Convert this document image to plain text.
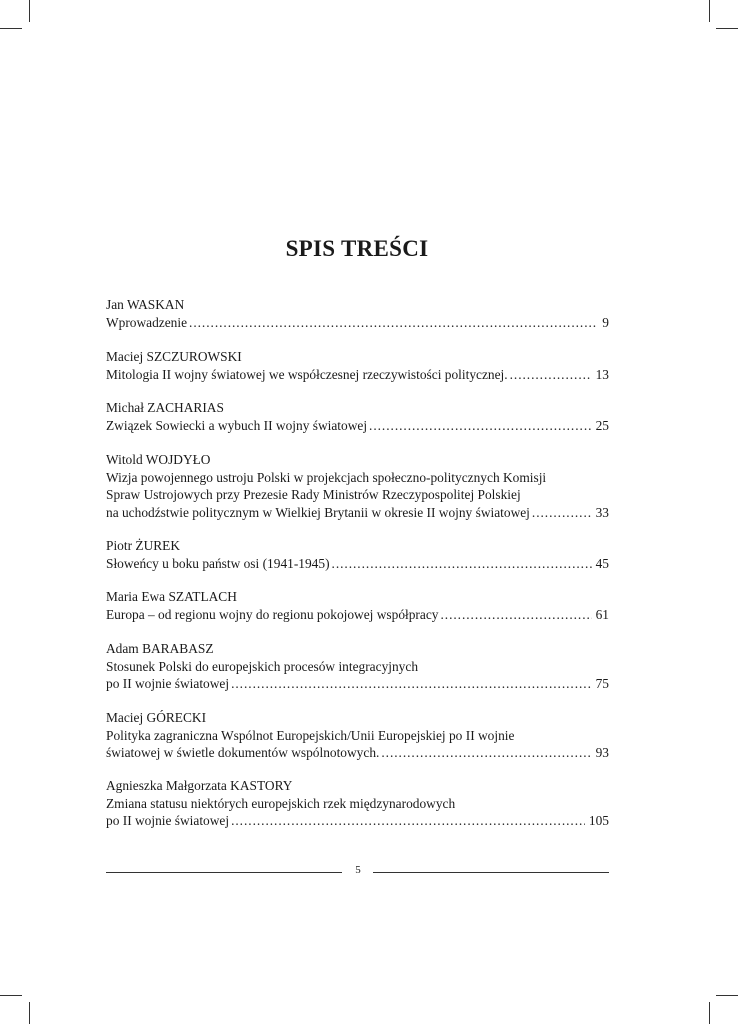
SPIS TREŚCI
Jan WASKAN
Wprowadzenie . . .	9
Maciej SZCZUROWSKI
Mitologia II wojny światowej we współczesnej rzeczywistości politycznej. . . .	13
Michał ZACHARIAS
Związek Sowiecki a wybuch II wojny światowej . . .	25
Witold WOJDYŁO
Wizja powojennego ustroju Polski w projekcjach społeczno-politycznych Komisji
Spraw Ustrojowych przy Prezesie Rady Ministrów Rzeczypospolitej Polskiej
na uchodźstwie politycznym w Wielkiej Brytanii w okresie II wojny światowej . . .	33
Piotr ŻUREK
Słoweńcy u boku państw osi (1941-1945) . . .	45
Maria Ewa SZATLACH
Europa – od regionu wojny do regionu pokojowej współpracy . . .	61
Adam BARABASZ
Stosunek Polski do europejskich procesów integracyjnych
po II wojnie światowej . . .	75
Maciej GÓRECKI
Polityka zagraniczna Wspólnot Europejskich/Unii Europejskiej po II wojnie
światowej w świetle dokumentów wspólnotowych. . . .	93
Agnieszka Małgorzata KASTORY
Zmiana statusu niektórych europejskich rzek międzynarodowych
po II wojnie światowej . . .	105
5
